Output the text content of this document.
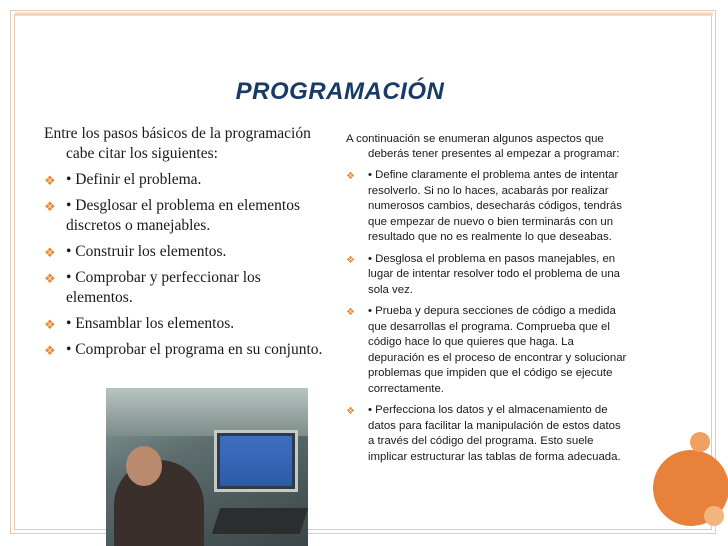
PROGRAMACIÓN

Entre los pasos básicos de la programación cabe citar los siguientes:

❖ • Definir el problema.
❖ • Desglosar el problema en elementos discretos o manejables.
❖ • Construir los elementos.
❖ • Comprobar y perfeccionar los elementos.
❖ • Ensamblar los elementos.
❖ • Comprobar el programa en su conjunto.

A continuación se enumeran algunos aspectos que deberás tener presentes al empezar a programar:

❖ • Define claramente el problema antes de intentar resolverlo. Si no lo haces, acabarás por realizar numerosos cambios, desecharás códigos, tendrás que empezar de nuevo o bien terminarás con un resultado que no es realmente lo que deseabas.
❖ • Desglosa el problema en pasos manejables, en lugar de intentar resolver todo el problema de una sola vez.
❖ • Prueba y depura secciones de código a medida que desarrollas el programa. Comprueba que el código hace lo que quieres que haga. La depuración es el proceso de encontrar y solucionar problemas que impiden que el código se ejecute correctamente.
❖ • Perfecciona los datos y el almacenamiento de datos para facilitar la manipulación de estos datos a través del código del programa. Esto suele implicar estructurar las tablas de forma adecuada.
